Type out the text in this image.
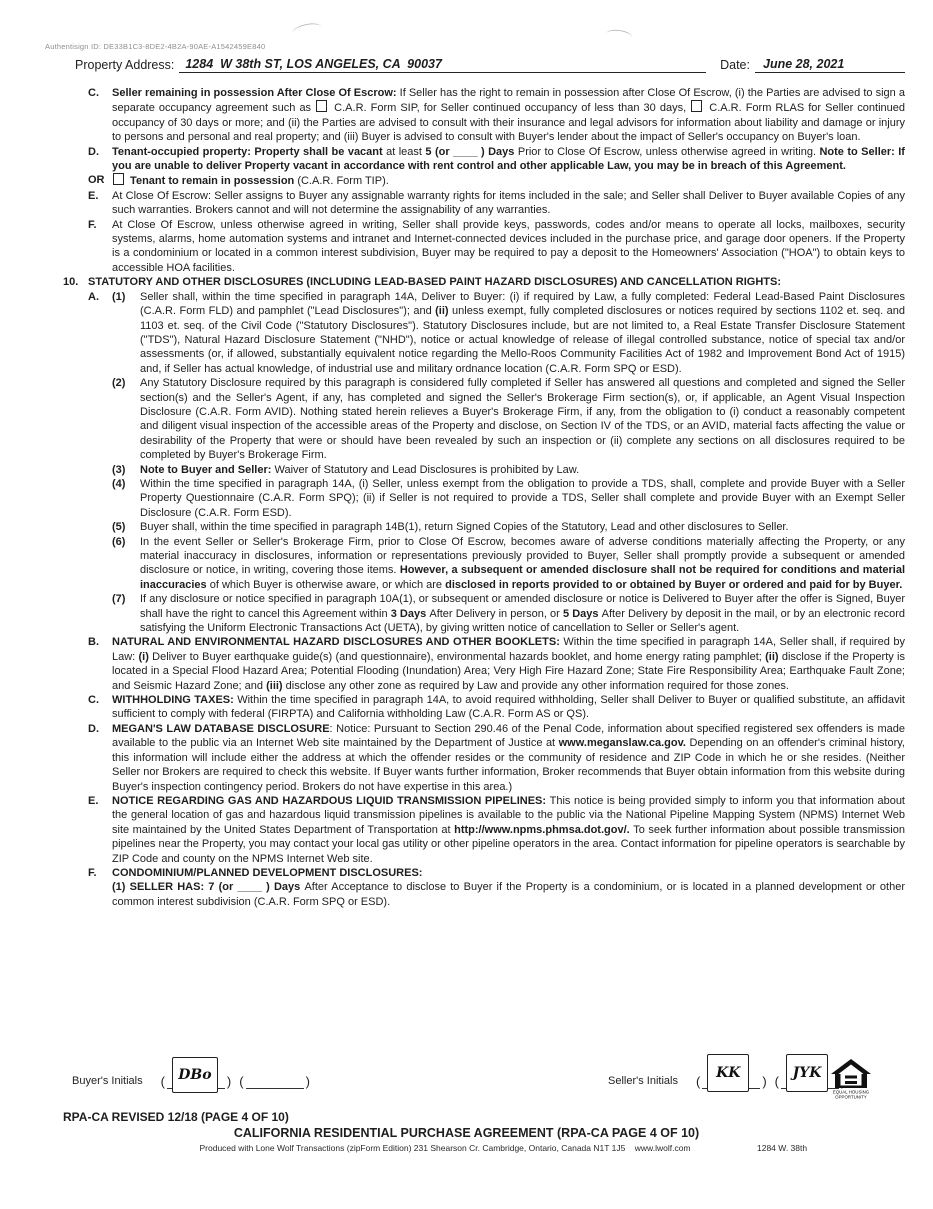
Authentisign ID: DE33B1C3-8DE2-4B2A-90AE-A1542459E840
Property Address: 1284  W 38th ST, LOS ANGELES, CA  90037	Date:	June 28, 2021
C. Seller remaining in possession After Close Of Escrow: If Seller has the right to remain in possession after Close Of Escrow, (i) the Parties are advised to sign a separate occupancy agreement such as  C.A.R. Form SIP, for Seller continued occupancy of less than 30 days,  C.A.R. Form RLAS for Seller continued occupancy of 30 days or more; and (ii) the Parties are advised to consult with their insurance and legal advisors for information about liability and damage or injury to persons and personal and real property; and (iii) Buyer is advised to consult with Buyer's lender about the impact of Seller's occupancy on Buyer's loan.
D. Tenant-occupied property: Property shall be vacant at least 5 (or ____ ) Days Prior to Close Of Escrow, unless otherwise agreed in writing. Note to Seller: If you are unable to deliver Property vacant in accordance with rent control and other applicable Law, you may be in breach of this Agreement.
OR Tenant to remain in possession (C.A.R. Form TIP).
E. At Close Of Escrow: Seller assigns to Buyer any assignable warranty rights for items included in the sale; and Seller shall Deliver to Buyer available Copies of any such warranties. Brokers cannot and will not determine the assignability of any warranties.
F. At Close Of Escrow, unless otherwise agreed in writing, Seller shall provide keys, passwords, codes and/or means to operate all locks, mailboxes, security systems, alarms, home automation systems and intranet and Internet-connected devices included in the purchase price, and garage door openers. If the Property is a condominium or located in a common interest subdivision, Buyer may be required to pay a deposit to the Homeowners' Association ("HOA") to obtain keys to accessible HOA facilities.
10. STATUTORY AND OTHER DISCLOSURES (INCLUDING LEAD-BASED PAINT HAZARD DISCLOSURES) AND CANCELLATION RIGHTS:
A. (1) Seller shall, within the time specified in paragraph 14A, Deliver to Buyer: (i) if required by Law, a fully completed: Federal Lead-Based Paint Disclosures (C.A.R. Form FLD) and pamphlet ("Lead Disclosures"); and (ii) unless exempt, fully completed disclosures or notices required by sections 1102 et. seq. and 1103 et. seq. of the Civil Code ("Statutory Disclosures"). Statutory Disclosures include, but are not limited to, a Real Estate Transfer Disclosure Statement ("TDS"), Natural Hazard Disclosure Statement ("NHD"), notice or actual knowledge of release of illegal controlled substance, notice of special tax and/or assessments (or, if allowed, substantially equivalent notice regarding the Mello-Roos Community Facilities Act of 1982 and Improvement Bond Act of 1915) and, if Seller has actual knowledge, of industrial use and military ordnance location (C.A.R. Form SPQ or ESD).
(2) Any Statutory Disclosure required by this paragraph is considered fully completed if Seller has answered all questions and completed and signed the Seller section(s) and the Seller's Agent, if any, has completed and signed the Seller's Brokerage Firm section(s), or, if applicable, an Agent Visual Inspection Disclosure (C.A.R. Form AVID). Nothing stated herein relieves a Buyer's Brokerage Firm, if any, from the obligation to (i) conduct a reasonably competent and diligent visual inspection of the accessible areas of the Property and disclose, on Section IV of the TDS, or an AVID, material facts affecting the value or desirability of the Property that were or should have been revealed by such an inspection or (ii) complete any sections on all disclosures required to be completed by Buyer's Brokerage Firm.
(3) Note to Buyer and Seller: Waiver of Statutory and Lead Disclosures is prohibited by Law.
(4) Within the time specified in paragraph 14A, (i) Seller, unless exempt from the obligation to provide a TDS, shall, complete and provide Buyer with a Seller Property Questionnaire (C.A.R. Form SPQ); (ii) if Seller is not required to provide a TDS, Seller shall complete and provide Buyer with an Exempt Seller Disclosure (C.A.R. Form ESD).
(5) Buyer shall, within the time specified in paragraph 14B(1), return Signed Copies of the Statutory, Lead and other disclosures to Seller.
(6) In the event Seller or Seller's Brokerage Firm, prior to Close Of Escrow, becomes aware of adverse conditions materially affecting the Property, or any material inaccuracy in disclosures, information or representations previously provided to Buyer, Seller shall promptly provide a subsequent or amended disclosure or notice, in writing, covering those items. However, a subsequent or amended disclosure shall not be required for conditions and material inaccuracies of which Buyer is otherwise aware, or which are disclosed in reports provided to or obtained by Buyer or ordered and paid for by Buyer.
(7) If any disclosure or notice specified in paragraph 10A(1), or subsequent or amended disclosure or notice is Delivered to Buyer after the offer is Signed, Buyer shall have the right to cancel this Agreement within 3 Days After Delivery in person, or 5 Days After Delivery by deposit in the mail, or by an electronic record satisfying the Uniform Electronic Transactions Act (UETA), by giving written notice of cancellation to Seller or Seller's agent.
B. NATURAL AND ENVIRONMENTAL HAZARD DISCLOSURES AND OTHER BOOKLETS: Within the time specified in paragraph 14A, Seller shall, if required by Law: (i) Deliver to Buyer earthquake guide(s) (and questionnaire), environmental hazards booklet, and home energy rating pamphlet; (ii) disclose if the Property is located in a Special Flood Hazard Area; Potential Flooding (Inundation) Area; Very High Fire Hazard Zone; State Fire Responsibility Area; Earthquake Fault Zone; and Seismic Hazard Zone; and (iii) disclose any other zone as required by Law and provide any other information required for those zones.
C. WITHHOLDING TAXES: Within the time specified in paragraph 14A, to avoid required withholding, Seller shall Deliver to Buyer or qualified substitute, an affidavit sufficient to comply with federal (FIRPTA) and California withholding Law (C.A.R. Form AS or QS).
D. MEGAN'S LAW DATABASE DISCLOSURE: Notice: Pursuant to Section 290.46 of the Penal Code, information about specified registered sex offenders is made available to the public via an Internet Web site maintained by the Department of Justice at www.meganslaw.ca.gov. Depending on an offender's criminal history, this information will include either the address at which the offender resides or the community of residence and ZIP Code in which he or she resides. (Neither Seller nor Brokers are required to check this website. If Buyer wants further information, Broker recommends that Buyer obtain information from this website during Buyer's inspection contingency period. Brokers do not have expertise in this area.)
E. NOTICE REGARDING GAS AND HAZARDOUS LIQUID TRANSMISSION PIPELINES: This notice is being provided simply to inform you that information about the general location of gas and hazardous liquid transmission pipelines is available to the public via the National Pipeline Mapping System (NPMS) Internet Web site maintained by the United States Department of Transportation at http://www.npms.phmsa.dot.gov/. To seek further information about possible transmission pipelines near the Property, you may contact your local gas utility or other pipeline operators in the area. Contact information for pipeline operators is searchable by ZIP Code and county on the NPMS Internet Web site.
F. CONDOMINIUM/PLANNED DEVELOPMENT DISCLOSURES:
(1) SELLER HAS: 7 (or ____ ) Days After Acceptance to disclose to Buyer if the Property is a condominium, or is located in a planned development or other common interest subdivision (C.A.R. Form SPQ or ESD).
Buyer's Initials ( DBo	) (	)	Seller's Initials (
KK
) (
JYK
EQUAL HOUSING
OPPORTUNITY
RPA-CA REVISED 12/18 (PAGE 4 OF 10)
CALIFORNIA RESIDENTIAL PURCHASE AGREEMENT (RPA-CA PAGE 4 OF 10)
Produced with Lone Wolf Transactions (zipForm Edition) 231 Shearson Cr. Cambridge, Ontario, Canada N1T 1J5    www.lwolf.com	1284 W. 38th
